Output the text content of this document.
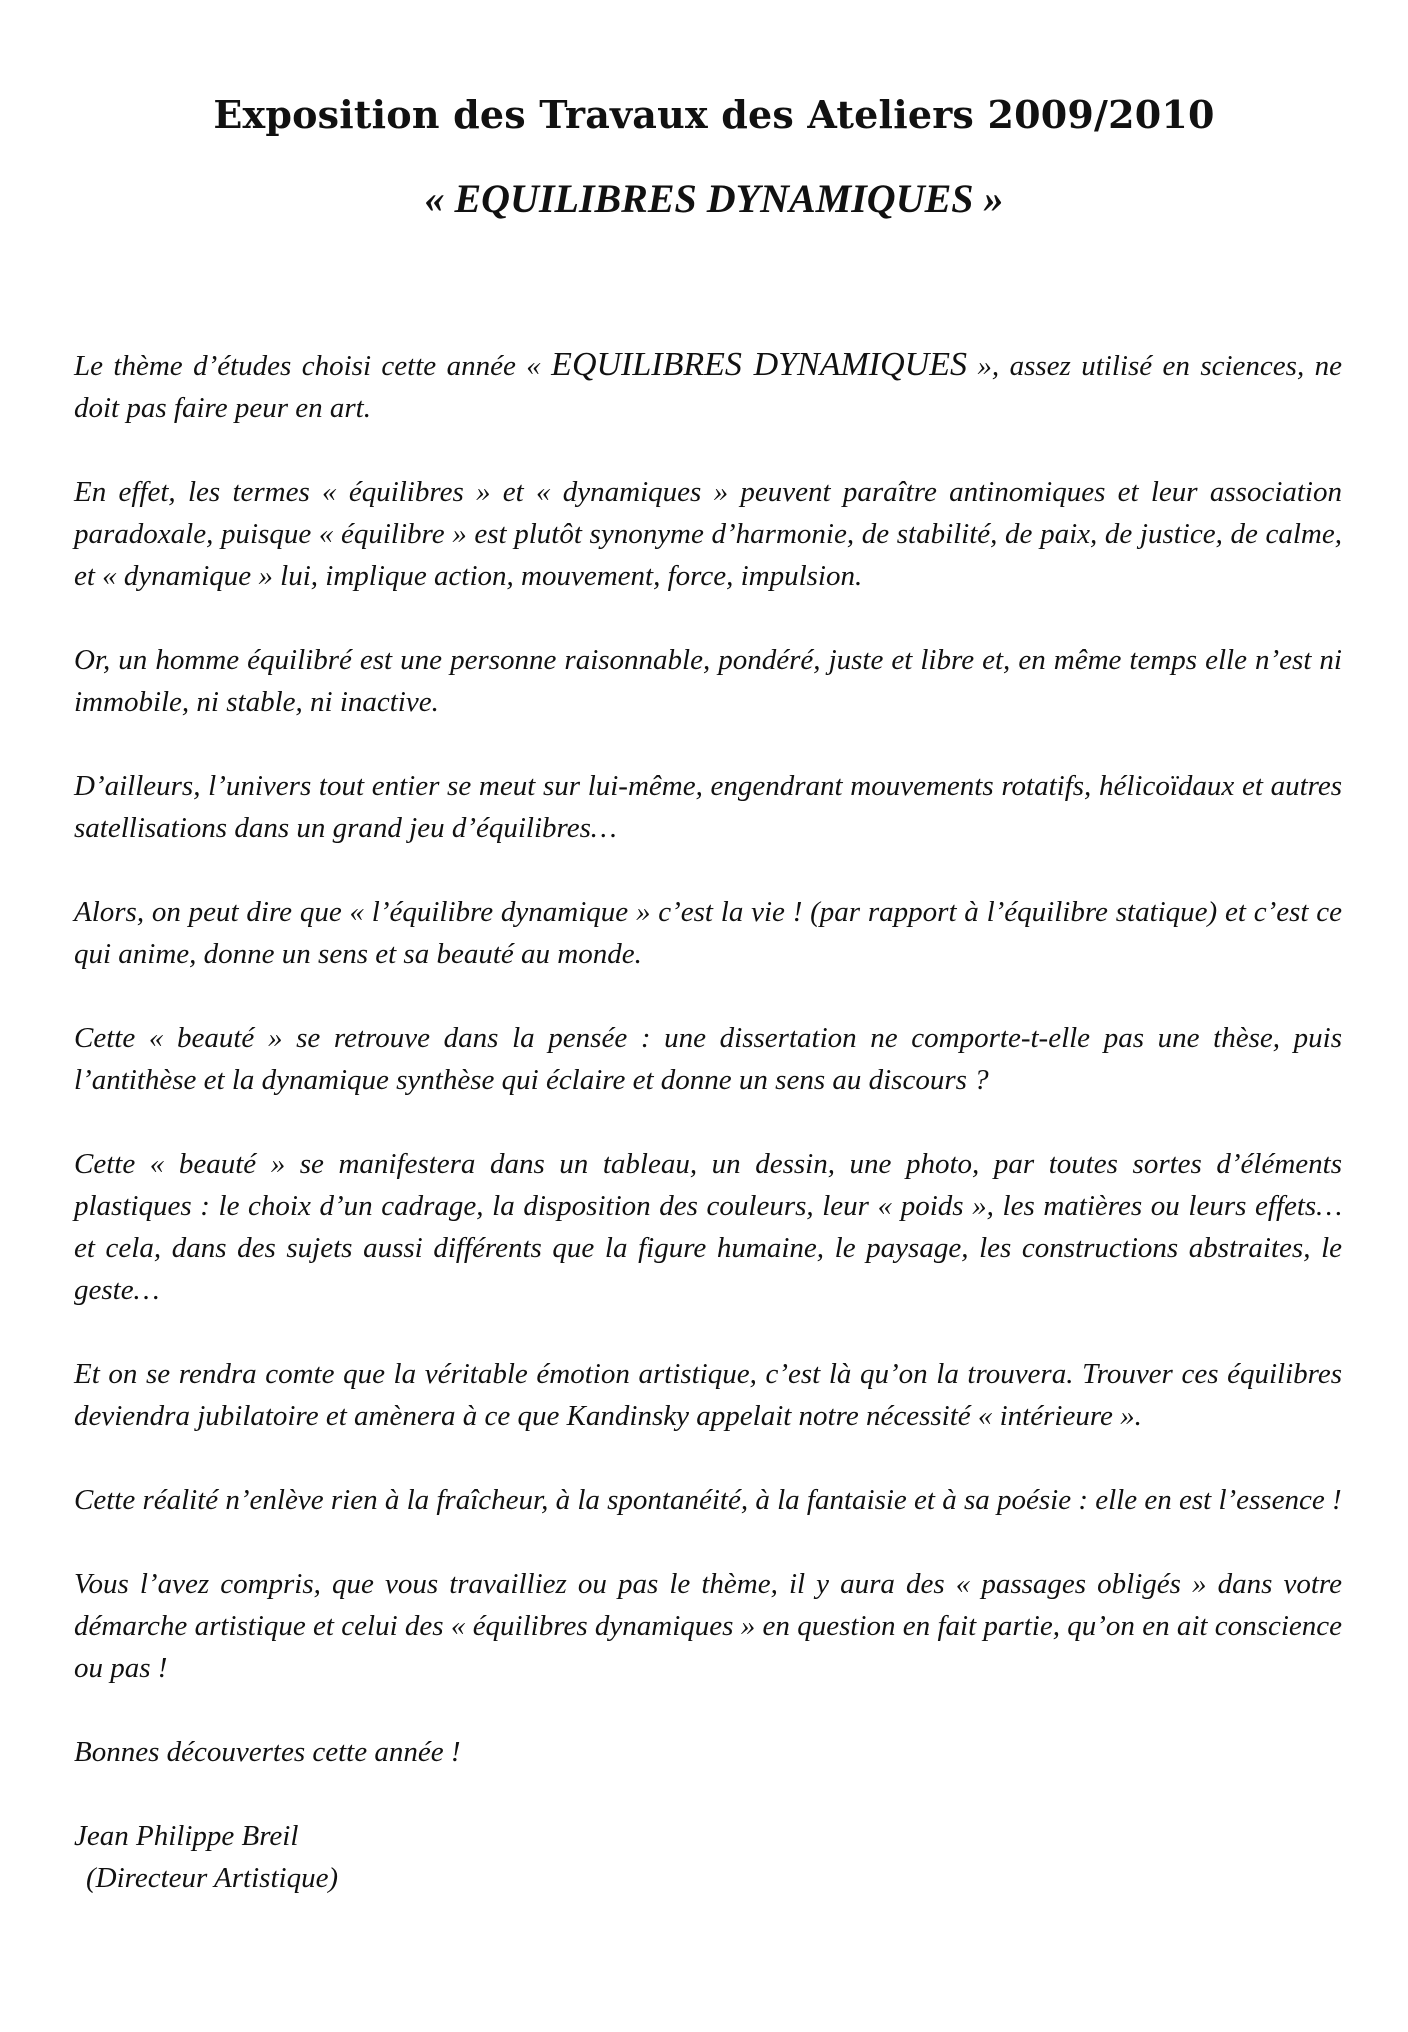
Exposition des Travaux des Ateliers 2009/2010
« EQUILIBRES DYNAMIQUES »

Le thème d’études choisi cette année « EQUILIBRES DYNAMIQUES », assez utilisé en sciences, ne doit pas faire peur en art.

En effet, les termes « équilibres » et « dynamiques » peuvent paraître antinomiques et leur association paradoxale, puisque « équilibre » est plutôt synonyme d’harmonie, de stabilité, de paix, de justice, de calme, et « dynamique » lui, implique action, mouvement, force, impulsion.

Or, un homme équilibré est une personne raisonnable, pondéré, juste et libre et, en même temps elle n’est ni immobile, ni stable, ni inactive.

D’ailleurs, l’univers tout entier se meut sur lui-même, engendrant mouvements rotatifs, hélicoïdaux et autres satellisations dans un grand jeu d’équilibres…

Alors, on peut dire que « l’équilibre dynamique » c’est la vie ! (par rapport à l’équilibre statique) et c’est ce qui anime, donne un sens et sa beauté au monde.

Cette « beauté » se retrouve dans la pensée : une dissertation ne comporte-t-elle pas une thèse, puis l’antithèse et la dynamique synthèse qui éclaire et donne un sens au discours ?

Cette « beauté » se manifestera dans un tableau, un dessin, une photo, par toutes sortes d’éléments plastiques : le choix d’un cadrage, la disposition des couleurs, leur « poids », les matières ou leurs effets… et cela, dans des sujets aussi différents que la figure humaine, le paysage, les constructions abstraites, le geste…

Et on se rendra comte que la véritable émotion artistique, c’est là qu’on la trouvera. Trouver ces équilibres deviendra jubilatoire et amènera à ce que Kandinsky appelait notre nécessité « intérieure ».

Cette réalité n’enlève rien à la fraîcheur, à la spontanéité, à la fantaisie et à sa poésie : elle en est l’essence !

Vous l’avez compris, que vous travailliez ou pas le thème, il y aura des « passages obligés » dans votre démarche artistique et celui des « équilibres dynamiques » en question en fait partie, qu’on en ait conscience ou pas !

Bonnes découvertes cette année !

Jean Philippe Breil
(Directeur Artistique)
